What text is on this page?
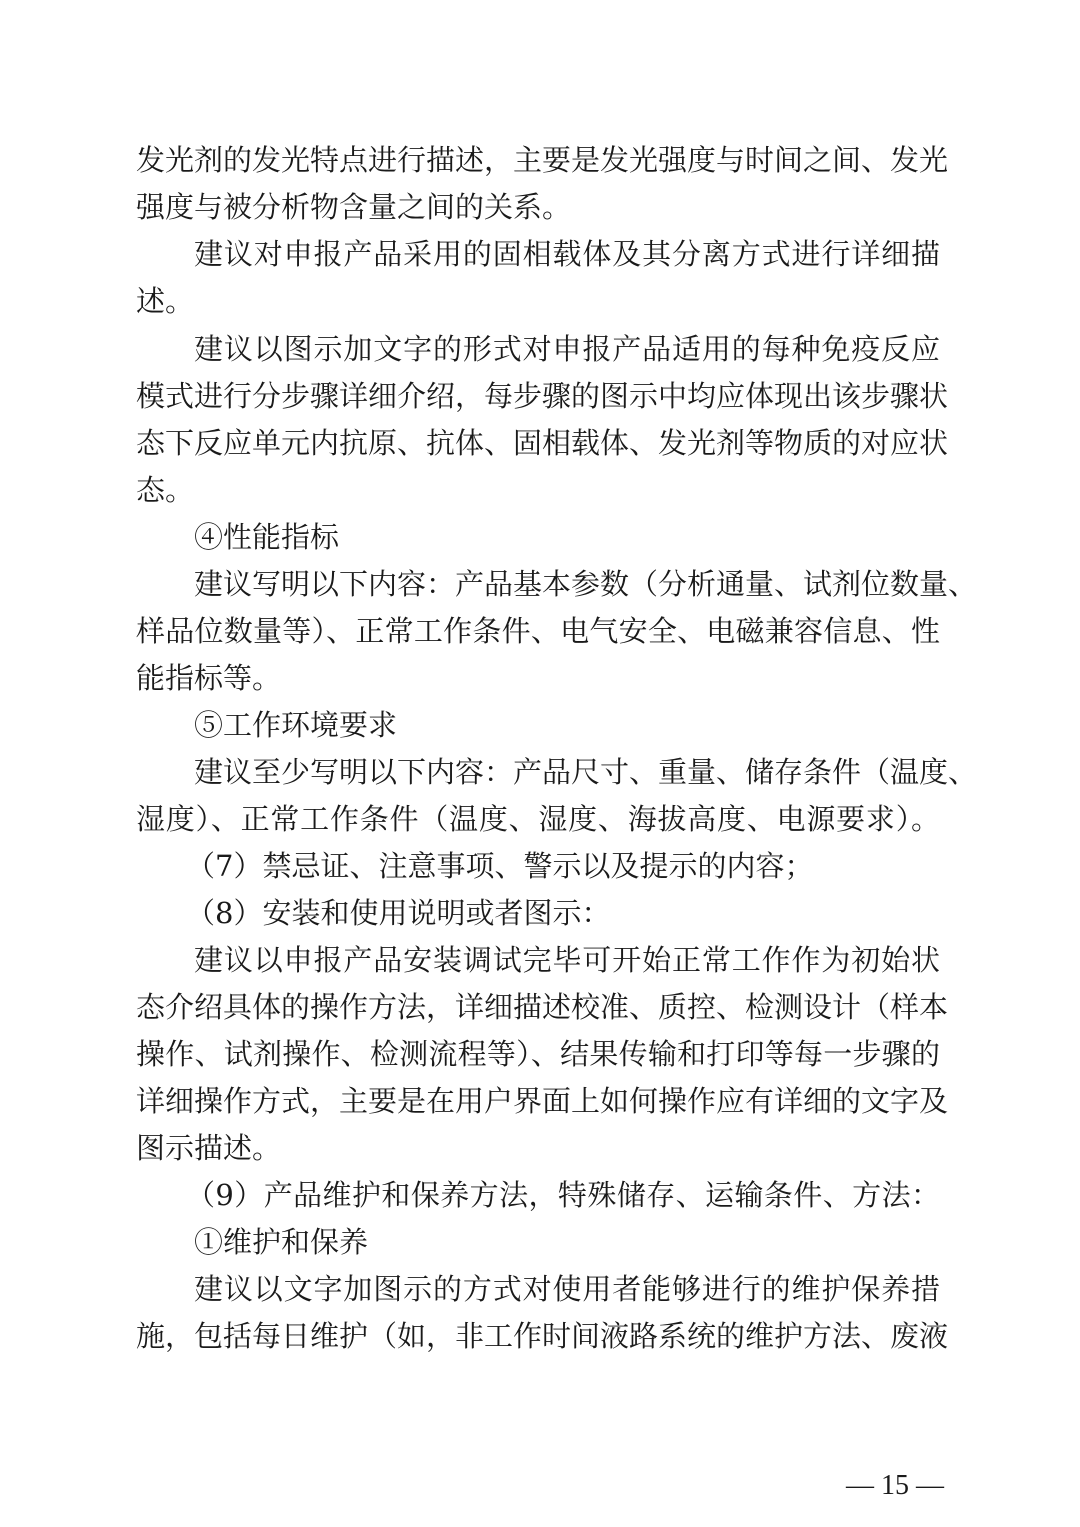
发光剂的发光特点进行描述，主要是发光强度与时间之间、发光
强度与被分析物含量之间的关系。
建议对申报产品采用的固相载体及其分离方式进行详细描
述。
建议以图示加文字的形式对申报产品适用的每种免疫反应
模式进行分步骤详细介绍，每步骤的图示中均应体现出该步骤状
态下反应单元内抗原、抗体、固相载体、发光剂等物质的对应状
态。
④性能指标
建议写明以下内容：产品基本参数（分析通量、试剂位数量、
样品位数量等）、正常工作条件、电气安全、电磁兼容信息、性
能指标等。
⑤工作环境要求
建议至少写明以下内容：产品尺寸、重量、储存条件（温度、
湿度）、正常工作条件（温度、湿度、海拔高度、电源要求）。
（7）禁忌证、注意事项、警示以及提示的内容；
（8）安装和使用说明或者图示：
建议以申报产品安装调试完毕可开始正常工作作为初始状
态介绍具体的操作方法，详细描述校准、质控、检测设计（样本
操作、试剂操作、检测流程等）、结果传输和打印等每一步骤的
详细操作方式，主要是在用户界面上如何操作应有详细的文字及
图示描述。
（9）产品维护和保养方法，特殊储存、运输条件、方法：
①维护和保养
建议以文字加图示的方式对使用者能够进行的维护保养措
施，包括每日维护（如，非工作时间液路系统的维护方法、废液
— 15 —
